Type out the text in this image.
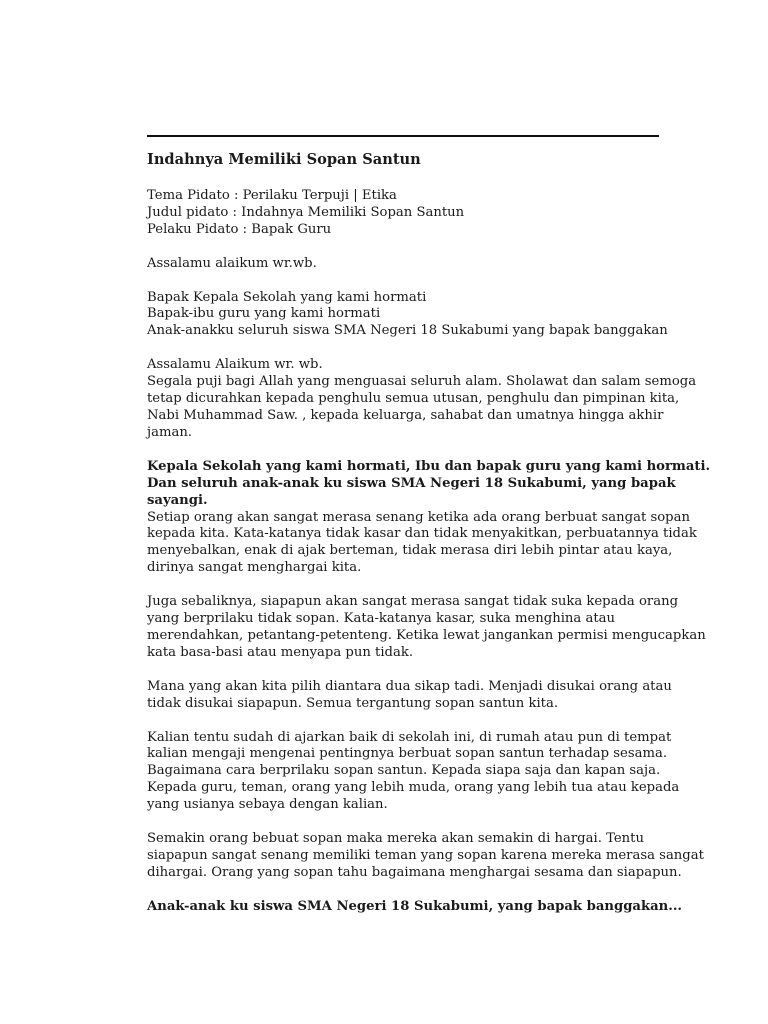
Indahnya Memiliki Sopan Santun
Tema Pidato : Perilaku Terpuji | Etika
Judul pidato : Indahnya Memiliki Sopan Santun
Pelaku Pidato : Bapak Guru
Assalamu alaikum wr.wb.
Bapak Kepala Sekolah yang kami hormati
Bapak-ibu guru yang kami hormati
Anak-anakku seluruh siswa SMA Negeri 18 Sukabumi yang bapak banggakan
Assalamu Alaikum wr. wb.
Segala puji bagi Allah yang menguasai seluruh alam. Sholawat dan salam semoga
tetap dicurahkan kepada penghulu semua utusan, penghulu dan pimpinan kita,
Nabi Muhammad Saw. , kepada keluarga, sahabat dan umatnya hingga akhir
jaman.
Kepala Sekolah yang kami hormati, Ibu dan bapak guru yang kami hormati.
Dan seluruh anak-anak ku siswa SMA Negeri 18 Sukabumi, yang bapak
sayangi.
Setiap orang akan sangat merasa senang ketika ada orang berbuat sangat sopan
kepada kita. Kata-katanya tidak kasar dan tidak menyakitkan, perbuatannya tidak
menyebalkan, enak di ajak berteman, tidak merasa diri lebih pintar atau kaya,
dirinya sangat menghargai kita.
Juga sebaliknya, siapapun akan sangat merasa sangat tidak suka kepada orang
yang berprilaku tidak sopan. Kata-katanya kasar, suka menghina atau
merendahkan, petantang-petenteng. Ketika lewat jangankan permisi mengucapkan
kata basa-basi atau menyapa pun tidak.
Mana yang akan kita pilih diantara dua sikap tadi. Menjadi disukai orang atau
tidak disukai siapapun. Semua tergantung sopan santun kita.
Kalian tentu sudah di ajarkan baik di sekolah ini, di rumah atau pun di tempat
kalian mengaji mengenai pentingnya berbuat sopan santun terhadap sesama.
Bagaimana cara berprilaku sopan santun. Kepada siapa saja dan kapan saja.
Kepada guru, teman, orang yang lebih muda, orang yang lebih tua atau kepada
yang usianya sebaya dengan kalian.
Semakin orang bebuat sopan maka mereka akan semakin di hargai. Tentu
siapapun sangat senang memiliki teman yang sopan karena mereka merasa sangat
dihargai. Orang yang sopan tahu bagaimana menghargai sesama dan siapapun.
Anak-anak ku siswa SMA Negeri 18 Sukabumi, yang bapak banggakan...
